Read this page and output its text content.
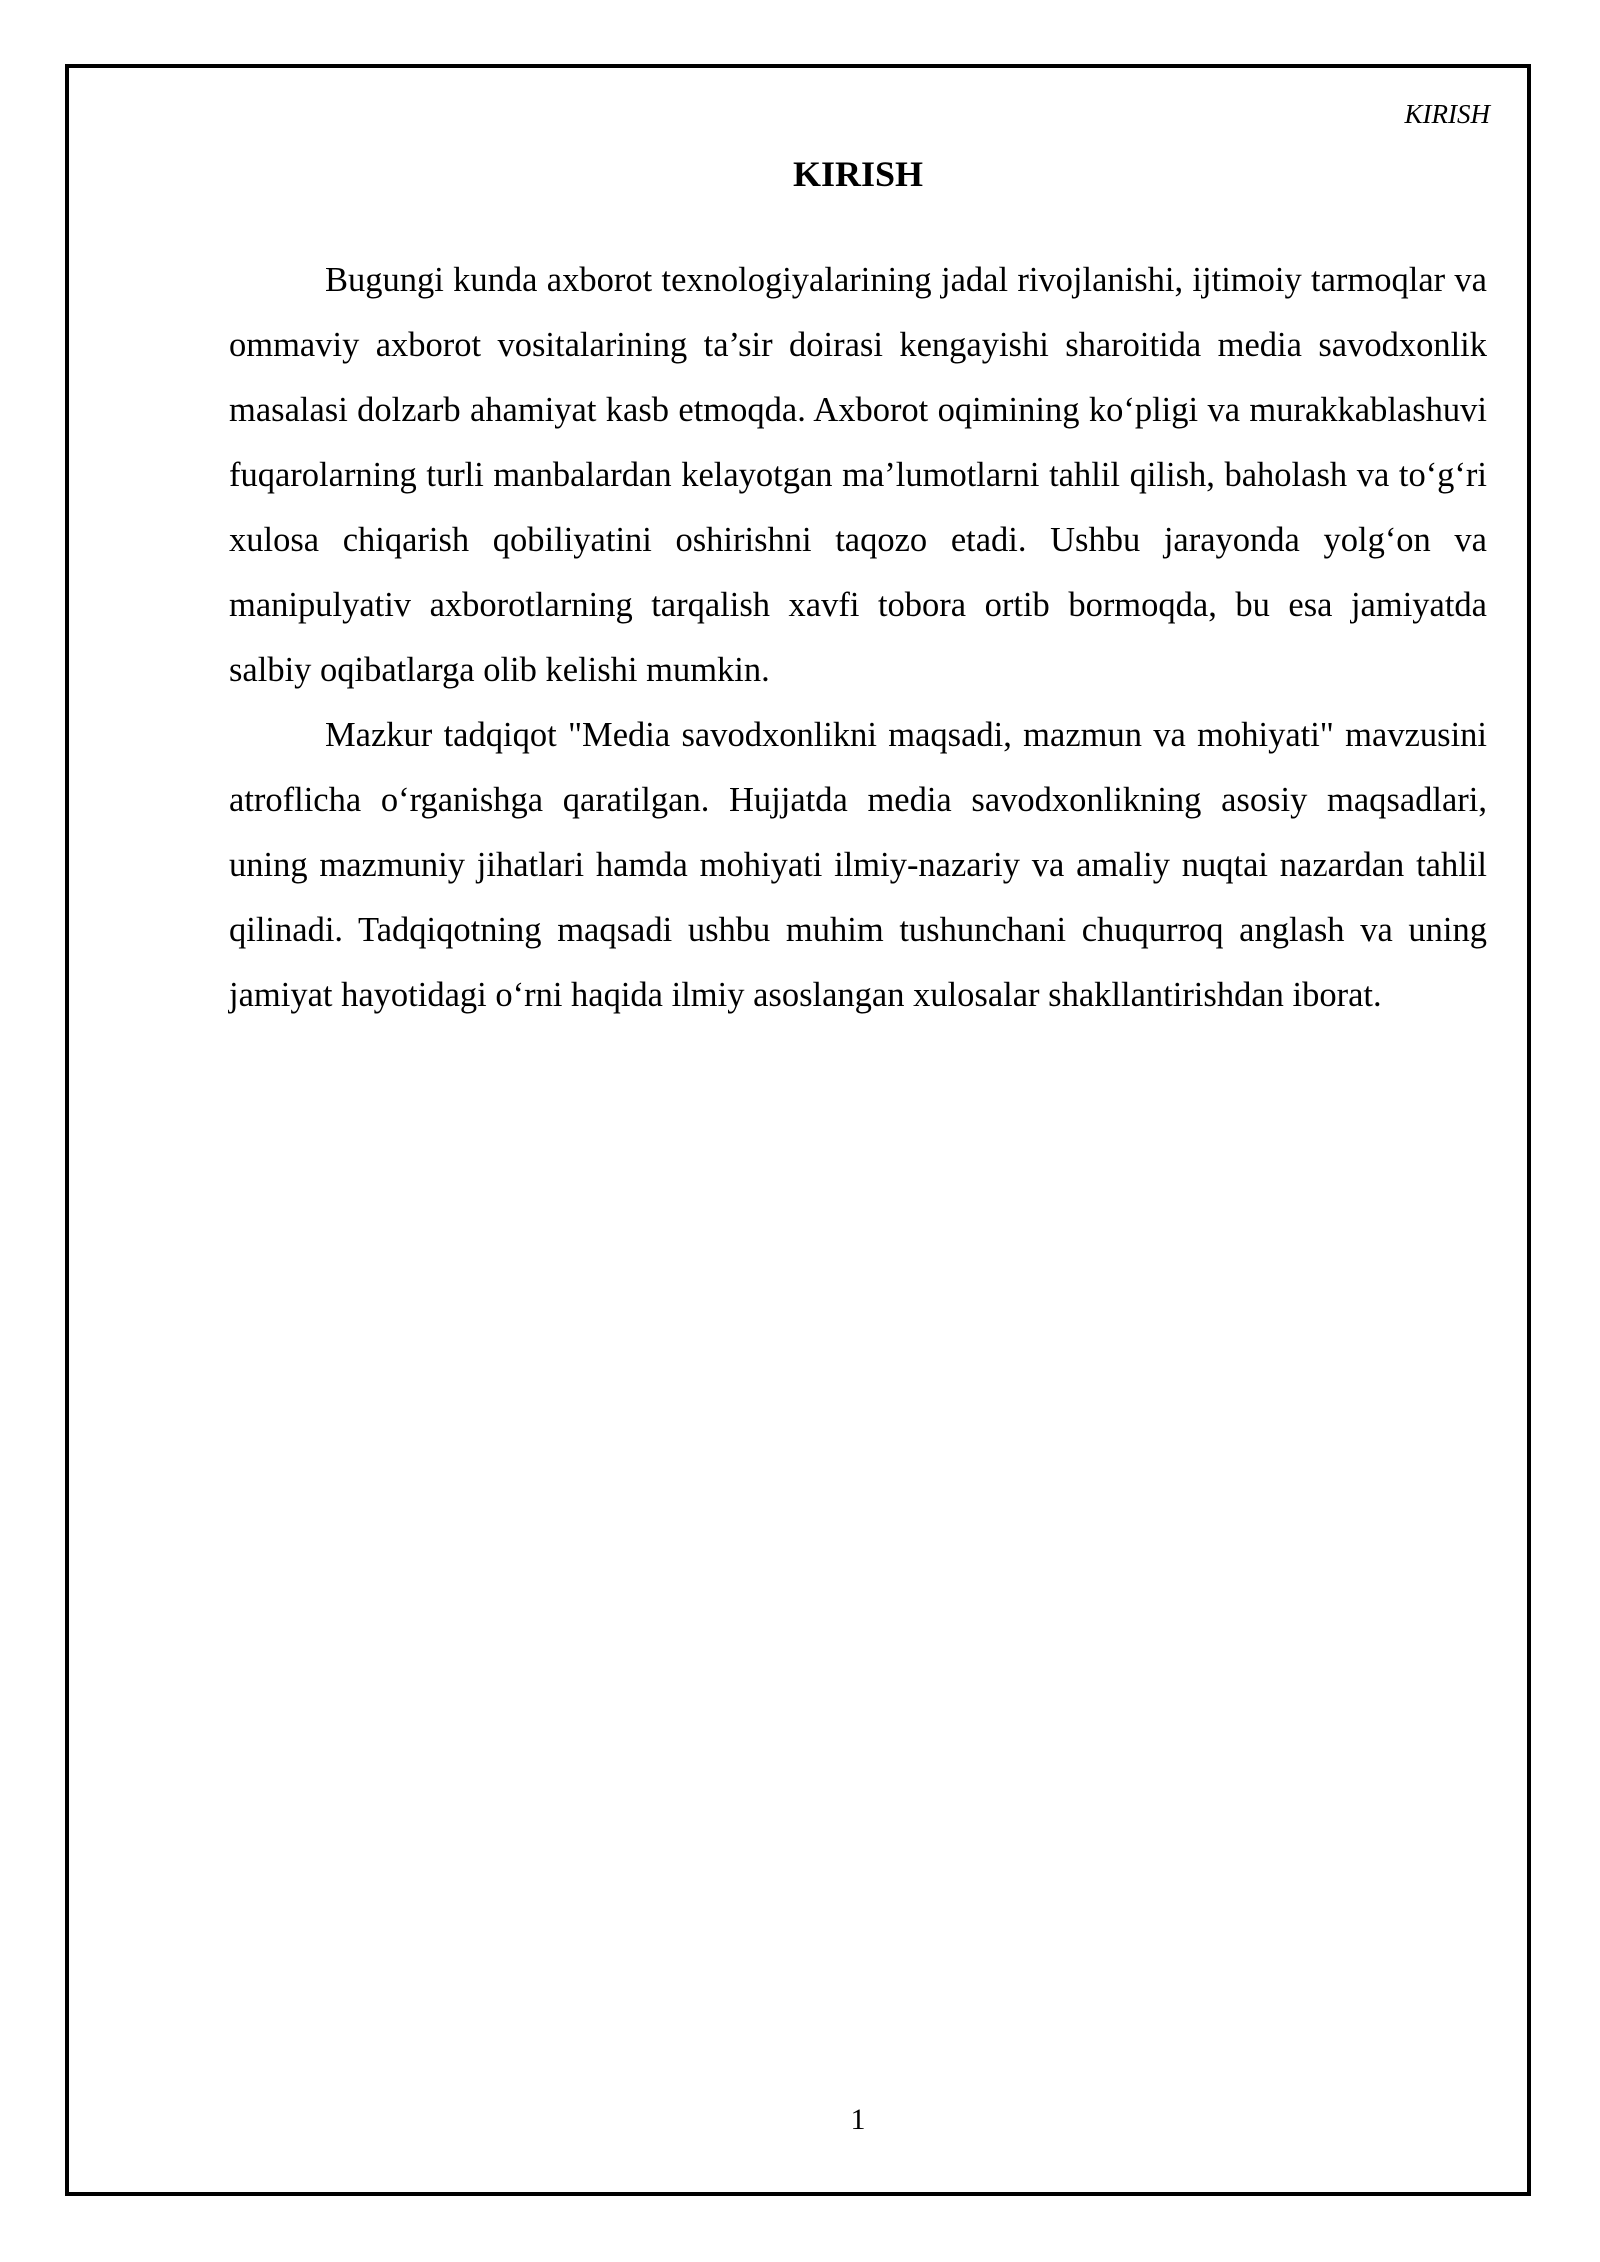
KIRISH
KIRISH

Bugungi kunda axborot texnologiyalarining jadal rivojlanishi, ijtimoiy tarmoqlar va ommaviy axborot vositalarining ta’sir doirasi kengayishi sharoitida media savodxonlik masalasi dolzarb ahamiyat kasb etmoqda. Axborot oqimining ko‘pligi va murakkablashuvi fuqarolarning turli manbalardan kelayotgan ma’lumotlarni tahlil qilish, baholash va to‘g‘ri xulosa chiqarish qobiliyatini oshirishni taqozo etadi. Ushbu jarayonda yolg‘on va manipulyativ axborotlarning tarqalish xavfi tobora ortib bormoqda, bu esa jamiyatda salbiy oqibatlarga olib kelishi mumkin.

Mazkur tadqiqot "Media savodxonlikni maqsadi, mazmun va mohiyati" mavzusini atroflicha o‘rganishga qaratilgan. Hujjatda media savodxonlikning asosiy maqsadlari, uning mazmuniy jihatlari hamda mohiyati ilmiy-nazariy va amaliy nuqtai nazardan tahlil qilinadi. Tadqiqotning maqsadi ushbu muhim tushunchani chuqurroq anglash va uning jamiyat hayotidagi o‘rni haqida ilmiy asoslangan xulosalar shakllantirishdan iborat.

1
